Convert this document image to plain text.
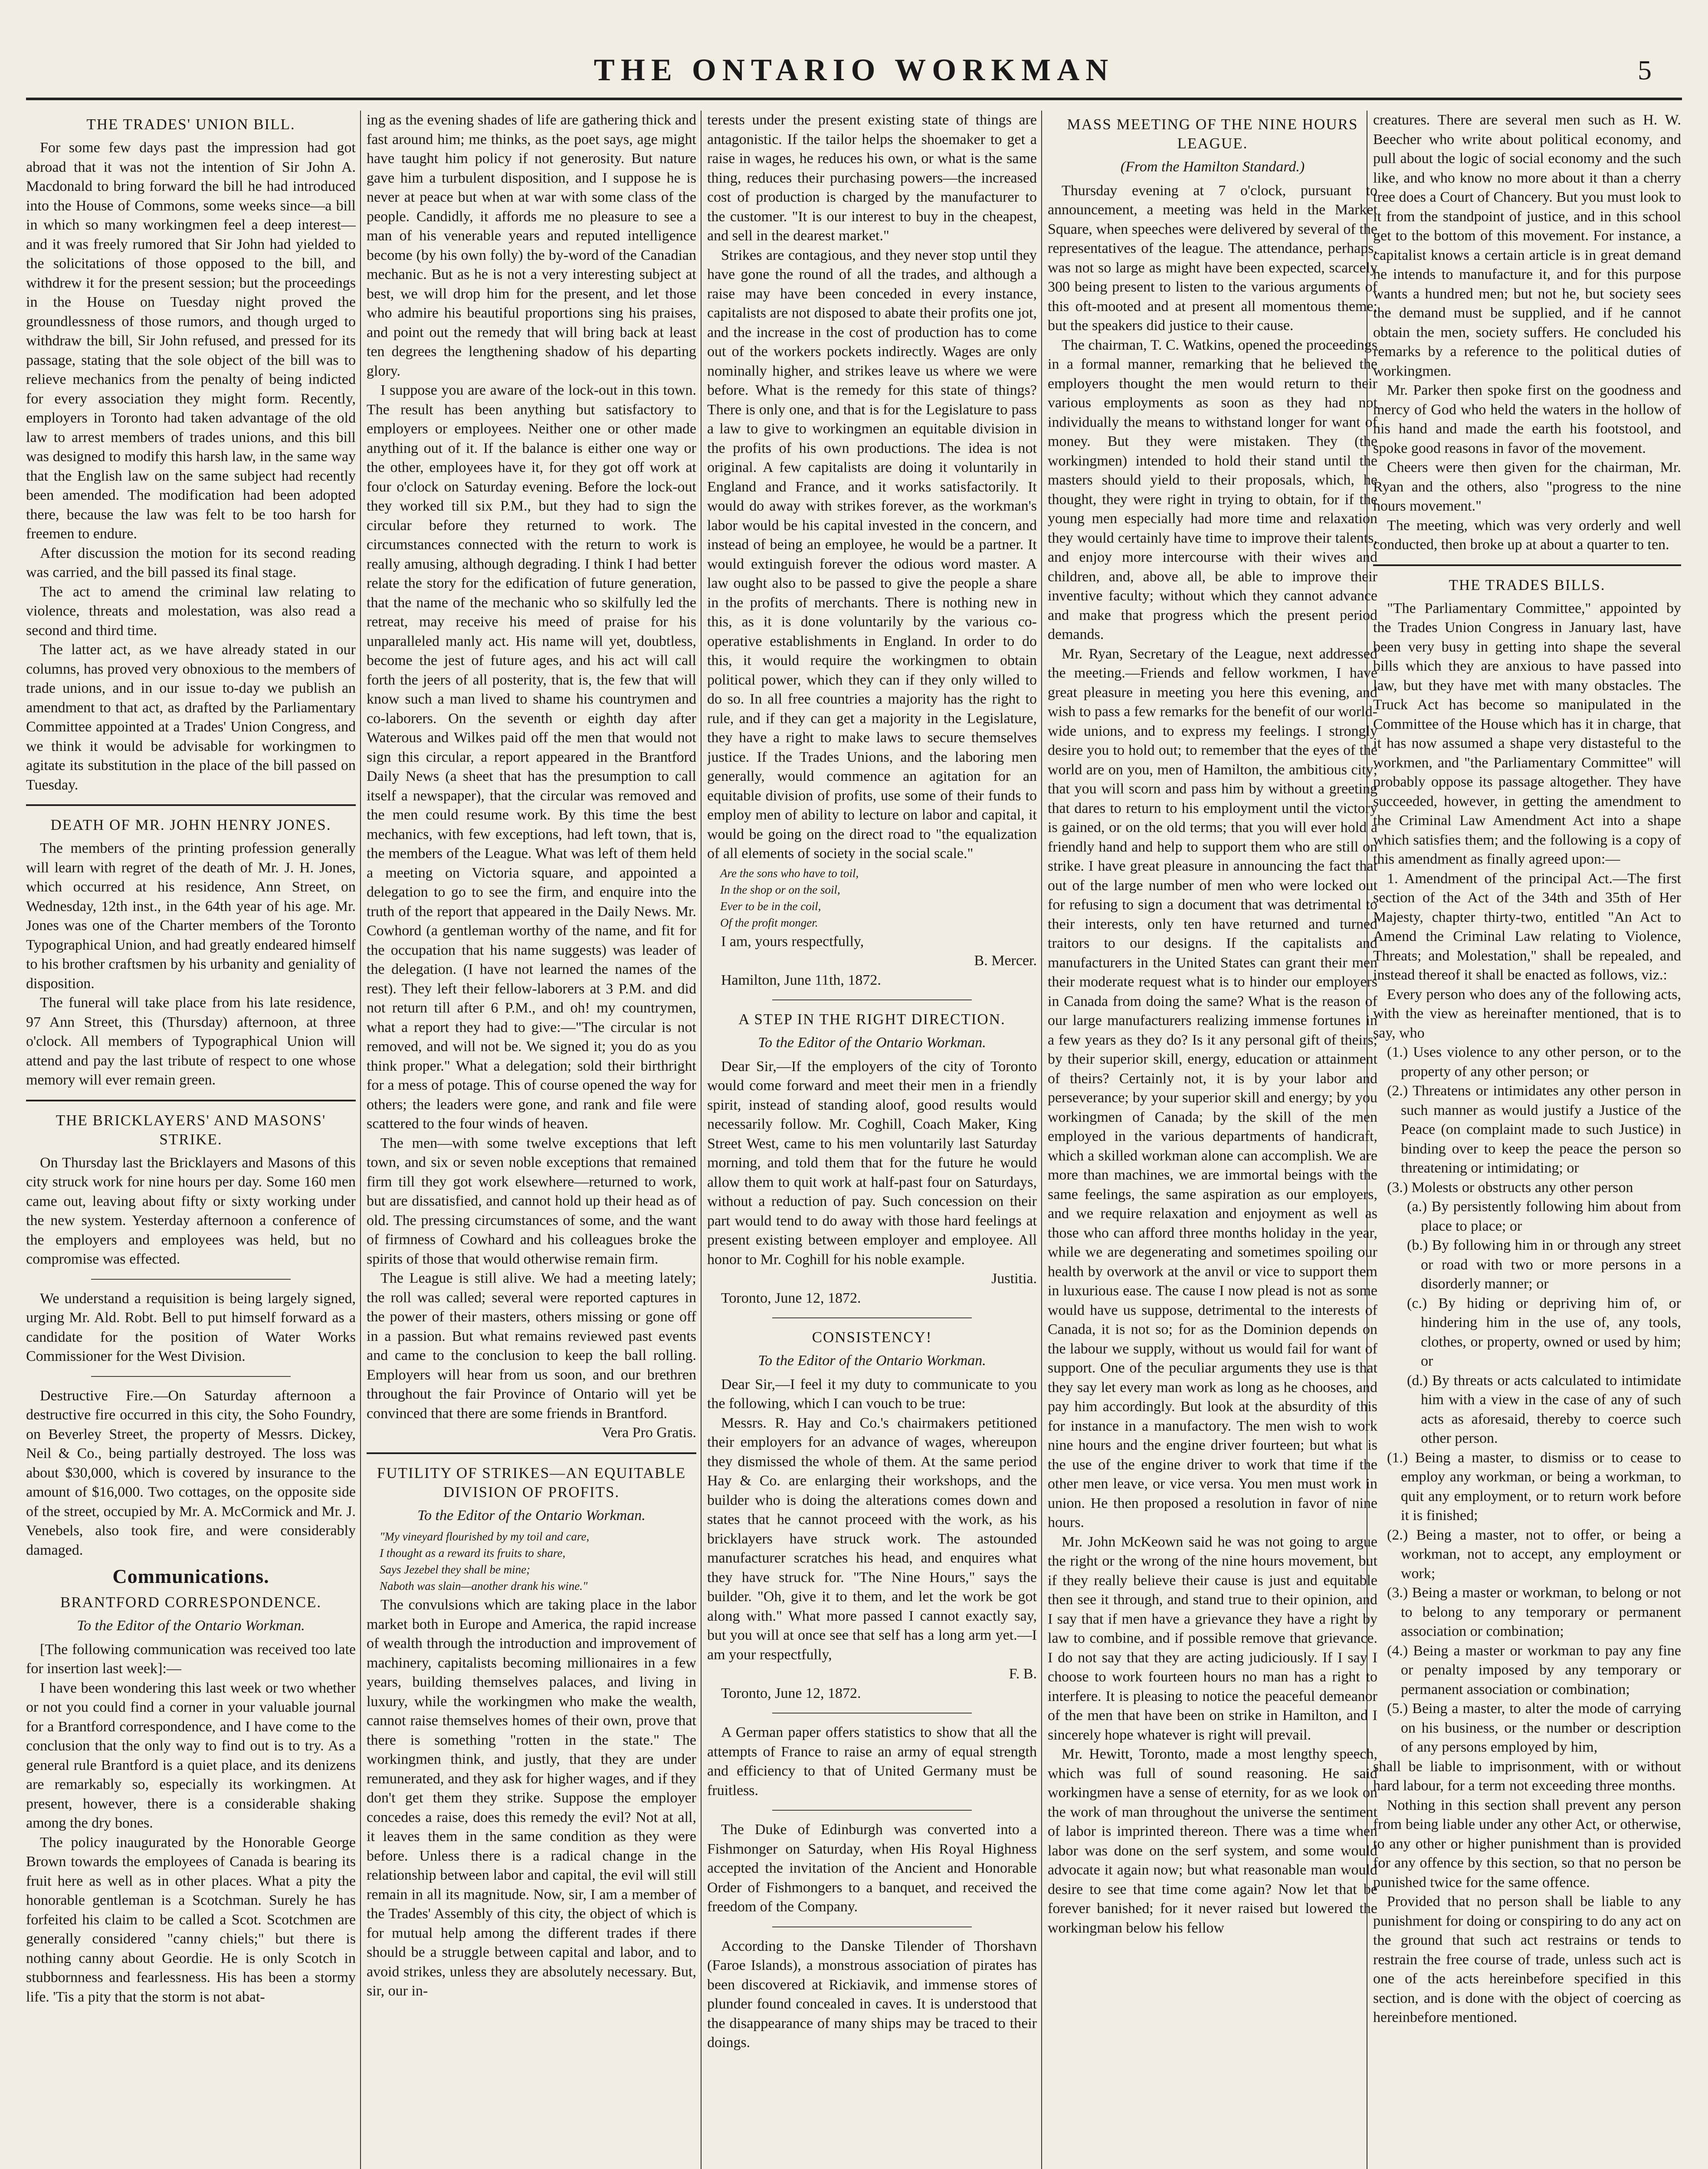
THE ONTARIO WORKMAN	5
THE TRADES' UNION BILL.

For some few days past the impression had got abroad that it was not the intention of Sir John A. Macdonald to bring forward the bill he had introduced into the House of Commons, some weeks since—a bill in which so many workingmen feel a deep interest—and it was freely rumored that Sir John had yielded to the solicitations of those opposed to the bill, and withdrew it for the present session; but the proceedings in the House on Tuesday night proved the groundlessness of those rumors, and though urged to withdraw the bill, Sir John refused, and pressed for its passage, stating that the sole object of the bill was to relieve mechanics from the penalty of being indicted for every association they might form. Recently, employers in Toronto had taken advantage of the old law to arrest members of trades unions, and this bill was designed to modify this harsh law, in the same way that the English law on the same subject had recently been amended. The modification had been adopted there, because the law was felt to be too harsh for freemen to endure.

After discussion the motion for its second reading was carried, and the bill passed its final stage.

The act to amend the criminal law relating to violence, threats and molestation, was also read a second and third time.

The latter act, as we have already stated in our columns, has proved very obnoxious to the members of trade unions, and in our issue to-day we publish an amendment to that act, as drafted by the Parliamentary Committee appointed at a Trades' Union Congress, and we think it would be advisable for workingmen to agitate its substitution in the place of the bill passed on Tuesday.

DEATH OF MR. JOHN HENRY JONES.

The members of the printing profession generally will learn with regret of the death of Mr. J. H. Jones, which occurred at his residence, Ann Street, on Wednesday, 12th inst., in the 64th year of his age. Mr. Jones was one of the Charter members of the Toronto Typographical Union, and had greatly endeared himself to his brother craftsmen by his urbanity and geniality of disposition.

The funeral will take place from his late residence, 97 Ann Street, this (Thursday) afternoon, at three o'clock. All members of Typographical Union will attend and pay the last tribute of respect to one whose memory will ever remain green.

THE BRICKLAYERS' AND MASONS' STRIKE.

On Thursday last the Bricklayers and Masons of this city struck work for nine hours per day. Some 160 men came out, leaving about fifty or sixty working under the new system. Yesterday afternoon a conference of the employers and employees was held, but no compromise was effected.

We understand a requisition is being largely signed, urging Mr. Ald. Robt. Bell to put himself forward as a candidate for the position of Water Works Commissioner for the West Division.

Destructive Fire.—On Saturday afternoon a destructive fire occurred in this city, the Soho Foundry, on Beverley Street, the property of Messrs. Dickey, Neil & Co., being partially destroyed. The loss was about $30,000, which is covered by insurance to the amount of $16,000. Two cottages, on the opposite side of the street, occupied by Mr. A. McCormick and Mr. J. Venebels, also took fire, and were considerably damaged.

Communications.
BRANTFORD CORRESPONDENCE.
To the Editor of the Ontario Workman.

[The following communication was received too late for insertion last week]:—

I have been wondering this last week or two whether or not you could find a corner in your valuable journal for a Brantford correspondence, and I have come to the conclusion that the only way to find out is to try. As a general rule Brantford is a quiet place, and its denizens are remarkably so, especially its workingmen. At present, however, there is a considerable shaking among the dry bones.

The policy inaugurated by the Honorable George Brown towards the employees of Canada is bearing its fruit here as well as in other places. What a pity the honorable gentleman is a Scotchman. Surely he has forfeited his claim to be called a Scot. Scotchmen are generally considered "canny chiels;" but there is nothing canny about Geordie. He is only Scotch in stubbornness and fearlessness. His has been a stormy life. 'Tis a pity that the storm is not abat-

ing as the evening shades of life are gathering thick and fast around him; me thinks, as the poet says, age might have taught him policy if not generosity. But nature gave him a turbulent disposition, and I suppose he is never at peace but when at war with some class of the people. Candidly, it affords me no pleasure to see a man of his venerable years and reputed intelligence become (by his own folly) the by-word of the Canadian mechanic. But as he is not a very interesting subject at best, we will drop him for the present, and let those who admire his beautiful proportions sing his praises, and point out the remedy that will bring back at least ten degrees the lengthening shadow of his departing glory.

I suppose you are aware of the lock-out in this town. The result has been anything but satisfactory to employers or employees. Neither one or other made anything out of it. If the balance is either one way or the other, employees have it, for they got off work at four o'clock on Saturday evening. Before the lock-out they worked till six P.M., but they had to sign the circular before they returned to work. The circumstances connected with the return to work is really amusing, although degrading. I think I had better relate the story for the edification of future generation, that the name of the mechanic who so skilfully led the retreat, may receive his meed of praise for his unparalleled manly act. His name will yet, doubtless, become the jest of future ages, and his act will call forth the jeers of all posterity, that is, the few that will know such a man lived to shame his countrymen and co-laborers. On the seventh or eighth day after Waterous and Wilkes paid off the men that would not sign this circular, a report appeared in the Brantford Daily News (a sheet that has the presumption to call itself a newspaper), that the circular was removed and the men could resume work. By this time the best mechanics, with few exceptions, had left town, that is, the members of the League. What was left of them held a meeting on Victoria square, and appointed a delegation to go to see the firm, and enquire into the truth of the report that appeared in the Daily News. Mr. Cowhord (a gentleman worthy of the name, and fit for the occupation that his name suggests) was leader of the delegation. (I have not learned the names of the rest). They left their fellow-laborers at 3 P.M. and did not return till after 6 P.M., and oh! my countrymen, what a report they had to give:—"The circular is not removed, and will not be. We signed it; you do as you think proper." What a delegation; sold their birthright for a mess of potage. This of course opened the way for others; the leaders were gone, and rank and file were scattered to the four winds of heaven.

The men—with some twelve exceptions that left town, and six or seven noble exceptions that remained firm till they got work elsewhere—returned to work, but are dissatisfied, and cannot hold up their head as of old. The pressing circumstances of some, and the want of firmness of Cowhard and his colleagues broke the spirits of those that would otherwise remain firm.

The League is still alive. We had a meeting lately; the roll was called; several were reported captures in the power of their masters, others missing or gone off in a passion. But what remains reviewed past events and came to the conclusion to keep the ball rolling. Employers will hear from us soon, and our brethren throughout the fair Province of Ontario will yet be convinced that there are some friends in Brantford.

Vera Pro Gratis.

FUTILITY OF STRIKES—AN EQUITABLE DIVISION OF PROFITS.
To the Editor of the Ontario Workman.
"My vineyard flourished by my toil and care,
I thought as a reward its fruits to share,
Says Jezebel they shall be mine;
Naboth was slain—another drank his wine."

The convulsions which are taking place in the labor market both in Europe and America, the rapid increase of wealth through the introduction and improvement of machinery, capitalists becoming millionaires in a few years, building themselves palaces, and living in luxury, while the workingmen who make the wealth, cannot raise themselves homes of their own, prove that there is something "rotten in the state." The workingmen think, and justly, that they are under remunerated, and they ask for higher wages, and if they don't get them they strike. Suppose the employer concedes a raise, does this remedy the evil? Not at all, it leaves them in the same condition as they were before. Unless there is a radical change in the relationship between labor and capital, the evil will still remain in all its magnitude. Now, sir, I am a member of the Trades' Assembly of this city, the object of which is for mutual help among the different trades if there should be a struggle between capital and labor, and to avoid strikes, unless they are absolutely necessary. But, sir, our in-

terests under the present existing state of things are antagonistic. If the tailor helps the shoemaker to get a raise in wages, he reduces his own, or what is the same thing, reduces their purchasing powers—the increased cost of production is charged by the manufacturer to the customer. "It is our interest to buy in the cheapest, and sell in the dearest market."

Strikes are contagious, and they never stop until they have gone the round of all the trades, and although a raise may have been conceded in every instance, capitalists are not disposed to abate their profits one jot, and the increase in the cost of production has to come out of the workers pockets indirectly. Wages are only nominally higher, and strikes leave us where we were before. What is the remedy for this state of things? There is only one, and that is for the Legislature to pass a law to give to workingmen an equitable division in the profits of his own productions. The idea is not original. A few capitalists are doing it voluntarily in England and France, and it works satisfactorily. It would do away with strikes forever, as the workman's labor would be his capital invested in the concern, and instead of being an employee, he would be a partner. It would extinguish forever the odious word master. A law ought also to be passed to give the people a share in the profits of merchants. There is nothing new in this, as it is done voluntarily by the various co-operative establishments in England. In order to do this, it would require the workingmen to obtain political power, which they can if they only willed to do so. In all free countries a majority has the right to rule, and if they can get a majority in the Legislature, they have a right to make laws to secure themselves justice. If the Trades Unions, and the laboring men generally, would commence an agitation for an equitable division of profits, use some of their funds to employ men of ability to lecture on labor and capital, it would be going on the direct road to "the equalization of all elements of society in the social scale."

Are the sons who have to toil,
In the shop or on the soil,
Ever to be in the coil,
Of the profit monger.

I am, yours respectfully,

B. Mercer.

Hamilton, June 11th, 1872.

A STEP IN THE RIGHT DIRECTION.
To the Editor of the Ontario Workman.

Dear Sir,—If the employers of the city of Toronto would come forward and meet their men in a friendly spirit, instead of standing aloof, good results would necessarily follow. Mr. Coghill, Coach Maker, King Street West, came to his men voluntarily last Saturday morning, and told them that for the future he would allow them to quit work at half-past four on Saturdays, without a reduction of pay. Such concession on their part would tend to do away with those hard feelings at present existing between employer and employee. All honor to Mr. Coghill for his noble example.

Justitia.

Toronto, June 12, 1872.

CONSISTENCY!
To the Editor of the Ontario Workman.

Dear Sir,—I feel it my duty to communicate to you the following, which I can vouch to be true:

Messrs. R. Hay and Co.'s chairmakers petitioned their employers for an advance of wages, whereupon they dismissed the whole of them. At the same period Hay & Co. are enlarging their workshops, and the builder who is doing the alterations comes down and states that he cannot proceed with the work, as his bricklayers have struck work. The astounded manufacturer scratches his head, and enquires what they have struck for. "The Nine Hours," says the builder. "Oh, give it to them, and let the work be got along with." What more passed I cannot exactly say, but you will at once see that self has a long arm yet.—I am your respectfully,

F. B.

Toronto, June 12, 1872.

A German paper offers statistics to show that all the attempts of France to raise an army of equal strength and efficiency to that of United Germany must be fruitless.

The Duke of Edinburgh was converted into a Fishmonger on Saturday, when His Royal Highness accepted the invitation of the Ancient and Honorable Order of Fishmongers to a banquet, and received the freedom of the Company.

According to the Danske Tilender of Thorshavn (Faroe Islands), a monstrous association of pirates has been discovered at Rickiavik, and immense stores of plunder found concealed in caves. It is understood that the disappearance of many ships may be traced to their doings.

MASS MEETING OF THE NINE HOURS LEAGUE.
(From the Hamilton Standard.)

Thursday evening at 7 o'clock, pursuant to announcement, a meeting was held in the Market Square, when speeches were delivered by several of the representatives of the league. The attendance, perhaps, was not so large as might have been expected, scarcely 300 being present to listen to the various arguments of this oft-mooted and at present all momentous theme; but the speakers did justice to their cause.

The chairman, T. C. Watkins, opened the proceedings in a formal manner, remarking that he believed the employers thought the men would return to their various employments as soon as they had not individually the means to withstand longer for want of money. But they were mistaken. They (the workingmen) intended to hold their stand until the masters should yield to their proposals, which, he thought, they were right in trying to obtain, for if the young men especially had more time and relaxation they would certainly have time to improve their talents, and enjoy more intercourse with their wives and children, and, above all, be able to improve their inventive faculty; without which they cannot advance and make that progress which the present period demands.

Mr. Ryan, Secretary of the League, next addressed the meeting.—Friends and fellow workmen, I have great pleasure in meeting you here this evening, and wish to pass a few remarks for the benefit of our world-wide unions, and to express my feelings. I strongly desire you to hold out; to remember that the eyes of the world are on you, men of Hamilton, the ambitious city; that you will scorn and pass him by without a greeting that dares to return to his employment until the victory is gained, or on the old terms; that you will ever hold a friendly hand and help to support them who are still on strike. I have great pleasure in announcing the fact that out of the large number of men who were locked out for refusing to sign a document that was detrimental to their interests, only ten have returned and turned traitors to our designs. If the capitalists and manufacturers in the United States can grant their men their moderate request what is to hinder our employers in Canada from doing the same? What is the reason of our large manufacturers realizing immense fortunes in a few years as they do? Is it any personal gift of theirs; by their superior skill, energy, education or attainment of theirs? Certainly not, it is by your labor and perseverance; by your superior skill and energy; by you workingmen of Canada; by the skill of the men employed in the various departments of handicraft, which a skilled workman alone can accomplish. We are more than machines, we are immortal beings with the same feelings, the same aspiration as our employers, and we require relaxation and enjoyment as well as those who can afford three months holiday in the year, while we are degenerating and sometimes spoiling our health by overwork at the anvil or vice to support them in luxurious ease. The cause I now plead is not as some would have us suppose, detrimental to the interests of Canada, it is not so; for as the Dominion depends on the labour we supply, without us would fail for want of support. One of the peculiar arguments they use is that they say let every man work as long as he chooses, and pay him accordingly. But look at the absurdity of this for instance in a manufactory. The men wish to work nine hours and the engine driver fourteen; but what is the use of the engine driver to work that time if the other men leave, or vice versa. You men must work in union. He then proposed a resolution in favor of nine hours.

Mr. John McKeown said he was not going to argue the right or the wrong of the nine hours movement, but if they really believe their cause is just and equitable then see it through, and stand true to their opinion, and I say that if men have a grievance they have a right by law to combine, and if possible remove that grievance. I do not say that they are acting judiciously. If I say I choose to work fourteen hours no man has a right to interfere. It is pleasing to notice the peaceful demeanor of the men that have been on strike in Hamilton, and I sincerely hope whatever is right will prevail.

Mr. Hewitt, Toronto, made a most lengthy speech, which was full of sound reasoning. He said workingmen have a sense of eternity, for as we look on the work of man throughout the universe the sentiment of labor is imprinted thereon. There was a time when labor was done on the serf system, and some would advocate it again now; but what reasonable man would desire to see that time come again? Now let that be forever banished; for it never raised but lowered the workingman below his fellow

creatures. There are several men such as H. W. Beecher who write about political economy, and pull about the logic of social economy and the such like, and who know no more about it than a cherry tree does a Court of Chancery. But you must look to it from the standpoint of justice, and in this school get to the bottom of this movement. For instance, a capitalist knows a certain article is in great demand he intends to manufacture it, and for this purpose wants a hundred men; but not he, but society sees the demand must be supplied, and if he cannot obtain the men, society suffers. He concluded his remarks by a reference to the political duties of workingmen.

Mr. Parker then spoke first on the goodness and mercy of God who held the waters in the hollow of his hand and made the earth his footstool, and spoke good reasons in favor of the movement.

Cheers were then given for the chairman, Mr. Ryan and the others, also "progress to the nine hours movement."

The meeting, which was very orderly and well conducted, then broke up at about a quarter to ten.

THE TRADES BILLS.

"The Parliamentary Committee," appointed by the Trades Union Congress in January last, have been very busy in getting into shape the several bills which they are anxious to have passed into law, but they have met with many obstacles. The Truck Act has become so manipulated in the Committee of the House which has it in charge, that it has now assumed a shape very distasteful to the workmen, and "the Parliamentary Committee" will probably oppose its passage altogether. They have succeeded, however, in getting the amendment to the Criminal Law Amendment Act into a shape which satisfies them; and the following is a copy of this amendment as finally agreed upon:—

1. Amendment of the principal Act.—The first section of the Act of the 34th and 35th of Her Majesty, chapter thirty-two, entitled "An Act to Amend the Criminal Law relating to Violence, Threats; and Molestation," shall be repealed, and instead thereof it shall be enacted as follows, viz.:

Every person who does any of the following acts, with the view as hereinafter mentioned, that is to say, who

(1.) Uses violence to any other person, or to the property of any other person; or

(2.) Threatens or intimidates any other person in such manner as would justify a Justice of the Peace (on complaint made to such Justice) in binding over to keep the peace the person so threatening or intimidating; or

(3.) Molests or obstructs any other person

(a.) By persistently following him about from place to place; or

(b.) By following him in or through any street or road with two or more persons in a disorderly manner; or

(c.) By hiding or depriving him of, or hindering him in the use of, any tools, clothes, or property, owned or used by him; or

(d.) By threats or acts calculated to intimidate him with a view in the case of any of such acts as aforesaid, thereby to coerce such other person.

(1.) Being a master, to dismiss or to cease to employ any workman, or being a workman, to quit any employment, or to return work before it is finished;

(2.) Being a master, not to offer, or being a workman, not to accept, any employment or work;

(3.) Being a master or workman, to belong or not to belong to any temporary or permanent association or combination;

(4.) Being a master or workman to pay any fine or penalty imposed by any temporary or permanent association or combination;

(5.) Being a master, to alter the mode of carrying on his business, or the number or description of any persons employed by him,

shall be liable to imprisonment, with or without hard labour, for a term not exceeding three months.

Nothing in this section shall prevent any person from being liable under any other Act, or otherwise, to any other or higher punishment than is provided for any offence by this section, so that no person be punished twice for the same offence.

Provided that no person shall be liable to any punishment for doing or conspiring to do any act on the ground that such act restrains or tends to restrain the free course of trade, unless such act is one of the acts hereinbefore specified in this section, and is done with the object of coercing as hereinbefore mentioned.
